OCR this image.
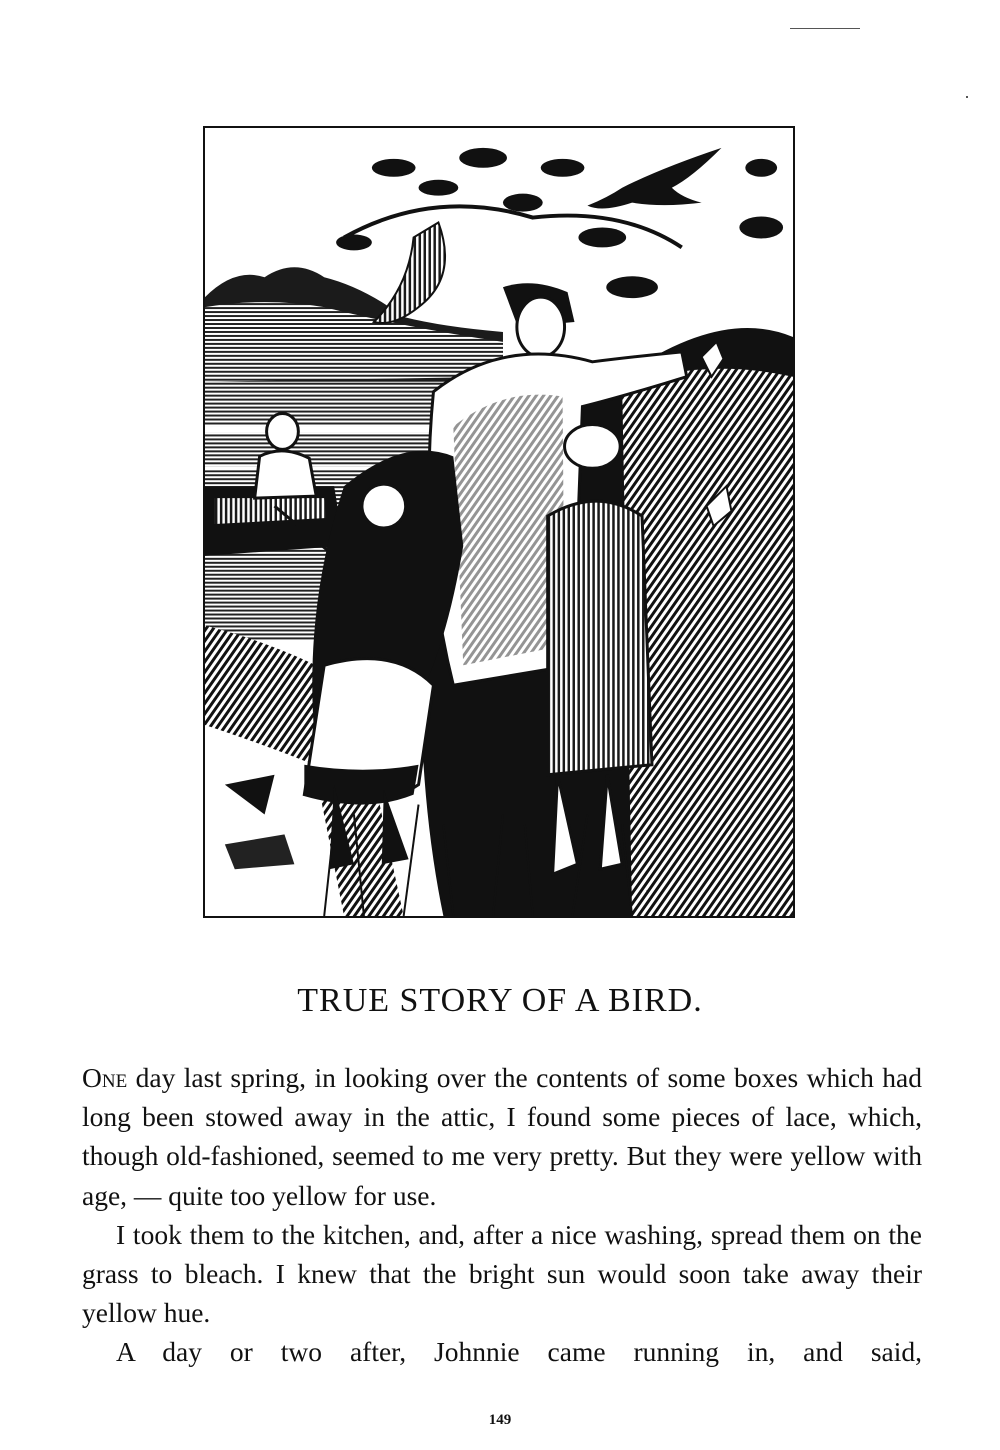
TRUE STORY OF A BIRD.

One day last spring, in looking over the contents of some boxes which had long been stowed away in the attic, I found some pieces of lace, which, though old-fashioned, seemed to me very pretty. But they were yellow with age, — quite too yellow for use.

I took them to the kitchen, and, after a nice washing, spread them on the grass to bleach. I knew that the bright sun would soon take away their yellow hue.

A day or two after, Johnnie came running in, and said,

149
